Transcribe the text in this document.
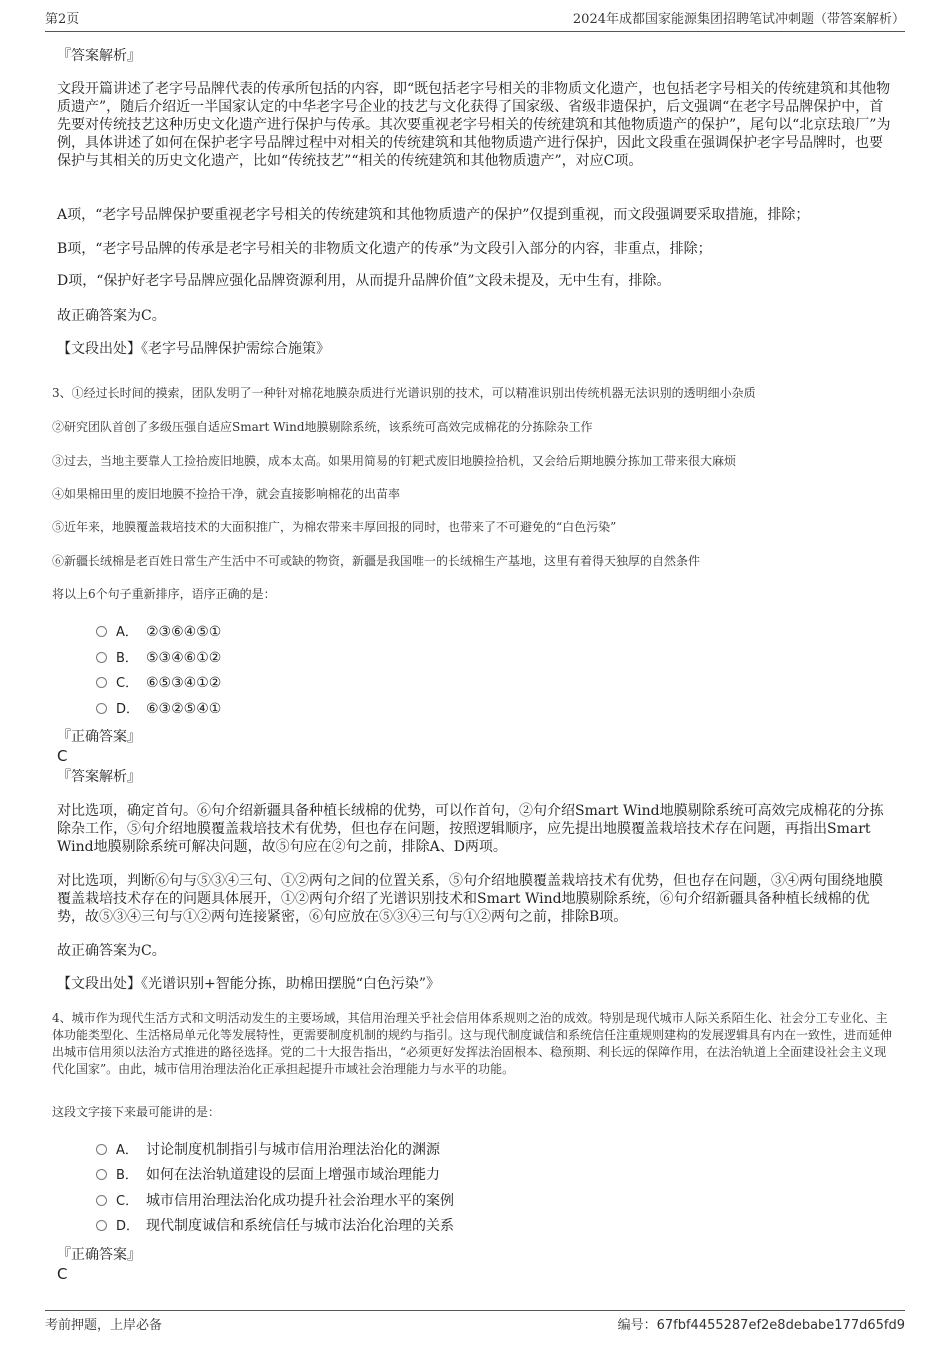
第2页	2024年成都国家能源集团招聘笔试冲刺题（带答案解析）
『答案解析』
文段开篇讲述了老字号品牌代表的传承所包括的内容，即“既包括老字号相关的非物质文化遗产，也包括老字号相关的传统建筑和其他物质遗产”，随后介绍近一半国家认定的中华老字号企业的技艺与文化获得了国家级、省级非遗保护，后文强调“在老字号品牌保护中，首先要对传统技艺这种历史文化遗产进行保护与传承。其次要重视老字号相关的传统建筑和其他物质遗产的保护”，尾句以“北京珐琅厂”为例，具体讲述了如何在保护老字号品牌过程中对相关的传统建筑和其他物质遗产进行保护，因此文段重在强调保护老字号品牌时，也要保护与其相关的历史文化遗产，比如“传统技艺”“相关的传统建筑和其他物质遗产”，对应C项。
A项，“老字号品牌保护要重视老字号相关的传统建筑和其他物质遗产的保护”仅提到重视，而文段强调要采取措施，排除；
B项，“老字号品牌的传承是老字号相关的非物质文化遗产的传承”为文段引入部分的内容，非重点，排除；
D项，“保护好老字号品牌应强化品牌资源利用，从而提升品牌价值”文段未提及，无中生有，排除。
故正确答案为C。
【文段出处】《老字号品牌保护需综合施策》
3、①经过长时间的摸索，团队发明了一种针对棉花地膜杂质进行光谱识别的技术，可以精准识别出传统机器无法识别的透明细小杂质
②研究团队首创了多级压强自适应Smart Wind地膜剔除系统，该系统可高效完成棉花的分拣除杂工作
③过去，当地主要靠人工捡拾废旧地膜，成本太高。如果用简易的钉耙式废旧地膜捡拾机，又会给后期地膜分拣加工带来很大麻烦
④如果棉田里的废旧地膜不捡拾干净，就会直接影响棉花的出苗率
⑤近年来，地膜覆盖栽培技术的大面积推广，为棉农带来丰厚回报的同时，也带来了不可避免的“白色污染”
⑥新疆长绒棉是老百姓日常生产生活中不可或缺的物资，新疆是我国唯一的长绒棉生产基地，这里有着得天独厚的自然条件
将以上6个句子重新排序，语序正确的是：
A． ②③⑥④⑤①
B． ⑤③④⑥①②
C． ⑥⑤③④①②
D． ⑥③②⑤④①
『正确答案』
C
『答案解析』
对比选项，确定首句。⑥句介绍新疆具备种植长绒棉的优势，可以作首句，②句介绍Smart Wind地膜剔除系统可高效完成棉花的分拣除杂工作，⑤句介绍地膜覆盖栽培技术有优势，但也存在问题，按照逻辑顺序，应先提出地膜覆盖栽培技术存在问题，再指出Smart Wind地膜剔除系统可解决问题，故⑤句应在②句之前，排除A、D两项。
对比选项，判断⑥句与⑤③④三句、①②两句之间的位置关系，⑤句介绍地膜覆盖栽培技术有优势，但也存在问题，③④两句围绕地膜覆盖栽培技术存在的问题具体展开，①②两句介绍了光谱识别技术和Smart Wind地膜剔除系统，⑥句介绍新疆具备种植长绒棉的优势，故⑤③④三句与①②两句连接紧密，⑥句应放在⑤③④三句与①②两句之前，排除B项。
故正确答案为C。
【文段出处】《光谱识别+智能分拣，助棉田摆脱“白色污染”》
4、城市作为现代生活方式和文明活动发生的主要场域，其信用治理关乎社会信用体系规则之治的成效。特别是现代城市人际关系陌生化、社会分工专业化、主体功能类型化、生活格局单元化等发展特性，更需要制度机制的规约与指引。这与现代制度诚信和系统信任注重规则建构的发展逻辑具有内在一致性，进而延伸出城市信用须以法治方式推进的路径选择。党的二十大报告指出，“必须更好发挥法治固根本、稳预期、利长远的保障作用，在法治轨道上全面建设社会主义现代化国家”。由此，城市信用治理法治化正承担起提升市域社会治理能力与水平的功能。
这段文字接下来最可能讲的是：
A． 讨论制度机制指引与城市信用治理法治化的渊源
B． 如何在法治轨道建设的层面上增强市域治理能力
C． 城市信用治理法治化成功提升社会治理水平的案例
D． 现代制度诚信和系统信任与城市法治化治理的关系
『正确答案』
C
考前押题，上岸必备	编号：67fbf4455287ef2e8debabe177d65fd9
